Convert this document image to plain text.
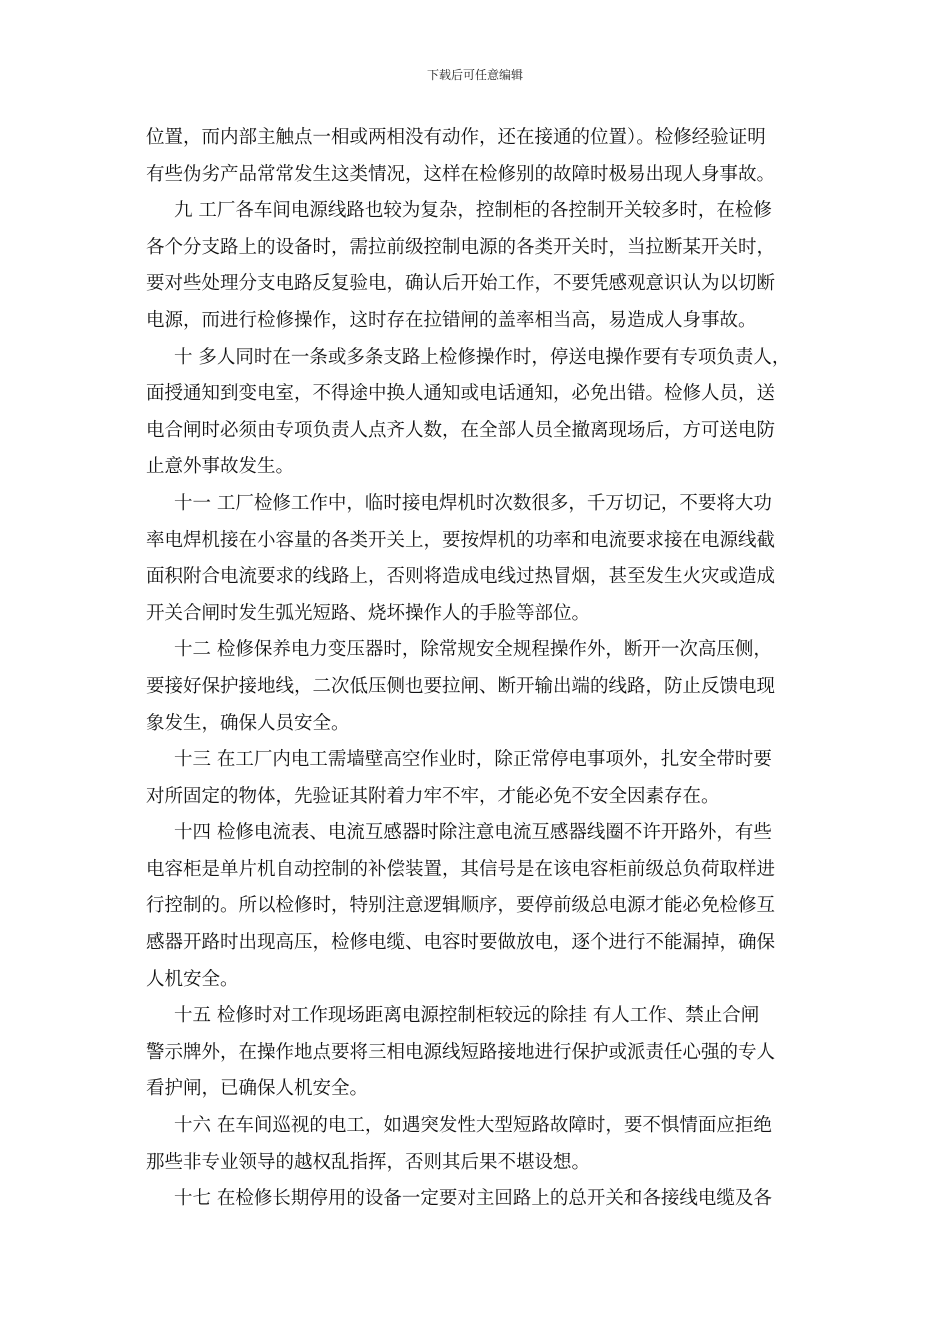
下载后可任意编辑

位置，而内部主触点一相或两相没有动作，还在接通的位置）。检修经验证明
有些伪劣产品常常发生这类情况，这样在检修别的故障时极易出现人身事故。

九 工厂各车间电源线路也较为复杂，控制柜的各控制开关较多时，在检修
各个分支路上的设备时，需拉前级控制电源的各类开关时，当拉断某开关时，
要对些处理分支电路反复验电，确认后开始工作，不要凭感观意识认为以切断
电源，而进行检修操作，这时存在拉错闸的盖率相当高，易造成人身事故。

十 多人同时在一条或多条支路上检修操作时，停送电操作要有专项负责人，
面授通知到变电室，不得途中换人通知或电话通知，必免出错。检修人员，送
电合闸时必须由专项负责人点齐人数，在全部人员全撤离现场后，方可送电防
止意外事故发生。

十一 工厂检修工作中，临时接电焊机时次数很多，千万切记，不要将大功
率电焊机接在小容量的各类开关上，要按焊机的功率和电流要求接在电源线截
面积附合电流要求的线路上，否则将造成电线过热冒烟，甚至发生火灾或造成
开关合闸时发生弧光短路、烧坏操作人的手脸等部位。

十二 检修保养电力变压器时，除常规安全规程操作外，断开一次高压侧，
要接好保护接地线，二次低压侧也要拉闸、断开输出端的线路，防止反馈电现
象发生，确保人员安全。

十三 在工厂内电工需墙壁高空作业时，除正常停电事项外，扎安全带时要
对所固定的物体，先验证其附着力牢不牢，才能必免不安全因素存在。

十四 检修电流表、电流互感器时除注意电流互感器线圈不许开路外，有些
电容柜是单片机自动控制的补偿装置，其信号是在该电容柜前级总负荷取样进
行控制的。所以检修时，特别注意逻辑顺序，要停前级总电源才能必免检修互
感器开路时出现高压，检修电缆、电容时要做放电，逐个进行不能漏掉，确保
人机安全。

十五 检修时对工作现场距离电源控制柜较远的除挂 有人工作、禁止合闸
警示牌外，在操作地点要将三相电源线短路接地进行保护或派责任心强的专人
看护闸，已确保人机安全。

十六 在车间巡视的电工，如遇突发性大型短路故障时，要不惧情面应拒绝
那些非专业领导的越权乱指挥，否则其后果不堪设想。

十七 在检修长期停用的设备一定要对主回路上的总开关和各接线电缆及各
